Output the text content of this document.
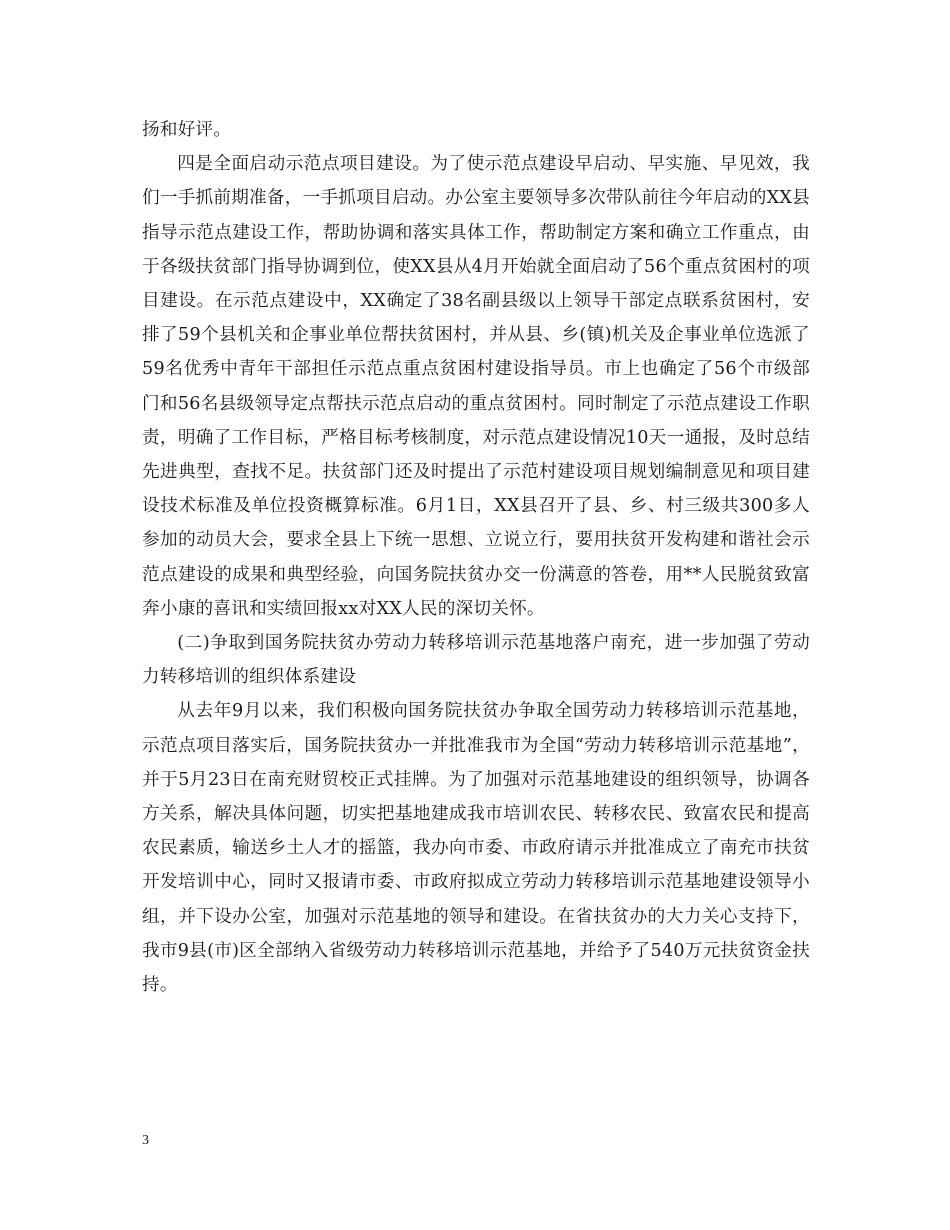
扬和好评。

四是全面启动示范点项目建设。为了使示范点建设早启动、早实施、早见效，我们一手抓前期准备，一手抓项目启动。办公室主要领导多次带队前往今年启动的XX县指导示范点建设工作，帮助协调和落实具体工作，帮助制定方案和确立工作重点，由于各级扶贫部门指导协调到位，使XX县从4月开始就全面启动了56个重点贫困村的项目建设。在示范点建设中，XX确定了38名副县级以上领导干部定点联系贫困村，安排了59个县机关和企事业单位帮扶贫困村，并从县、乡(镇)机关及企事业单位选派了59名优秀中青年干部担任示范点重点贫困村建设指导员。市上也确定了56个市级部门和56名县级领导定点帮扶示范点启动的重点贫困村。同时制定了示范点建设工作职责，明确了工作目标，严格目标考核制度，对示范点建设情况10天一通报，及时总结先进典型，查找不足。扶贫部门还及时提出了示范村建设项目规划编制意见和项目建设技术标准及单位投资概算标准。6月1日，XX县召开了县、乡、村三级共300多人参加的动员大会，要求全县上下统一思想、立说立行，要用扶贫开发构建和谐社会示范点建设的成果和典型经验，向国务院扶贫办交一份满意的答卷，用**人民脱贫致富奔小康的喜讯和实绩回报xx对XX人民的深切关怀。

(二)争取到国务院扶贫办劳动力转移培训示范基地落户南充，进一步加强了劳动力转移培训的组织体系建设

从去年9月以来，我们积极向国务院扶贫办争取全国劳动力转移培训示范基地，示范点项目落实后，国务院扶贫办一并批准我市为全国“劳动力转移培训示范基地”，并于5月23日在南充财贸校正式挂牌。为了加强对示范基地建设的组织领导，协调各方关系，解决具体问题，切实把基地建成我市培训农民、转移农民、致富农民和提高农民素质，输送乡土人才的摇篮，我办向市委、市政府请示并批准成立了南充市扶贫开发培训中心，同时又报请市委、市政府拟成立劳动力转移培训示范基地建设领导小组，并下设办公室，加强对示范基地的领导和建设。在省扶贫办的大力关心支持下，我市9县(市)区全部纳入省级劳动力转移培训示范基地，并给予了540万元扶贫资金扶持。

3
